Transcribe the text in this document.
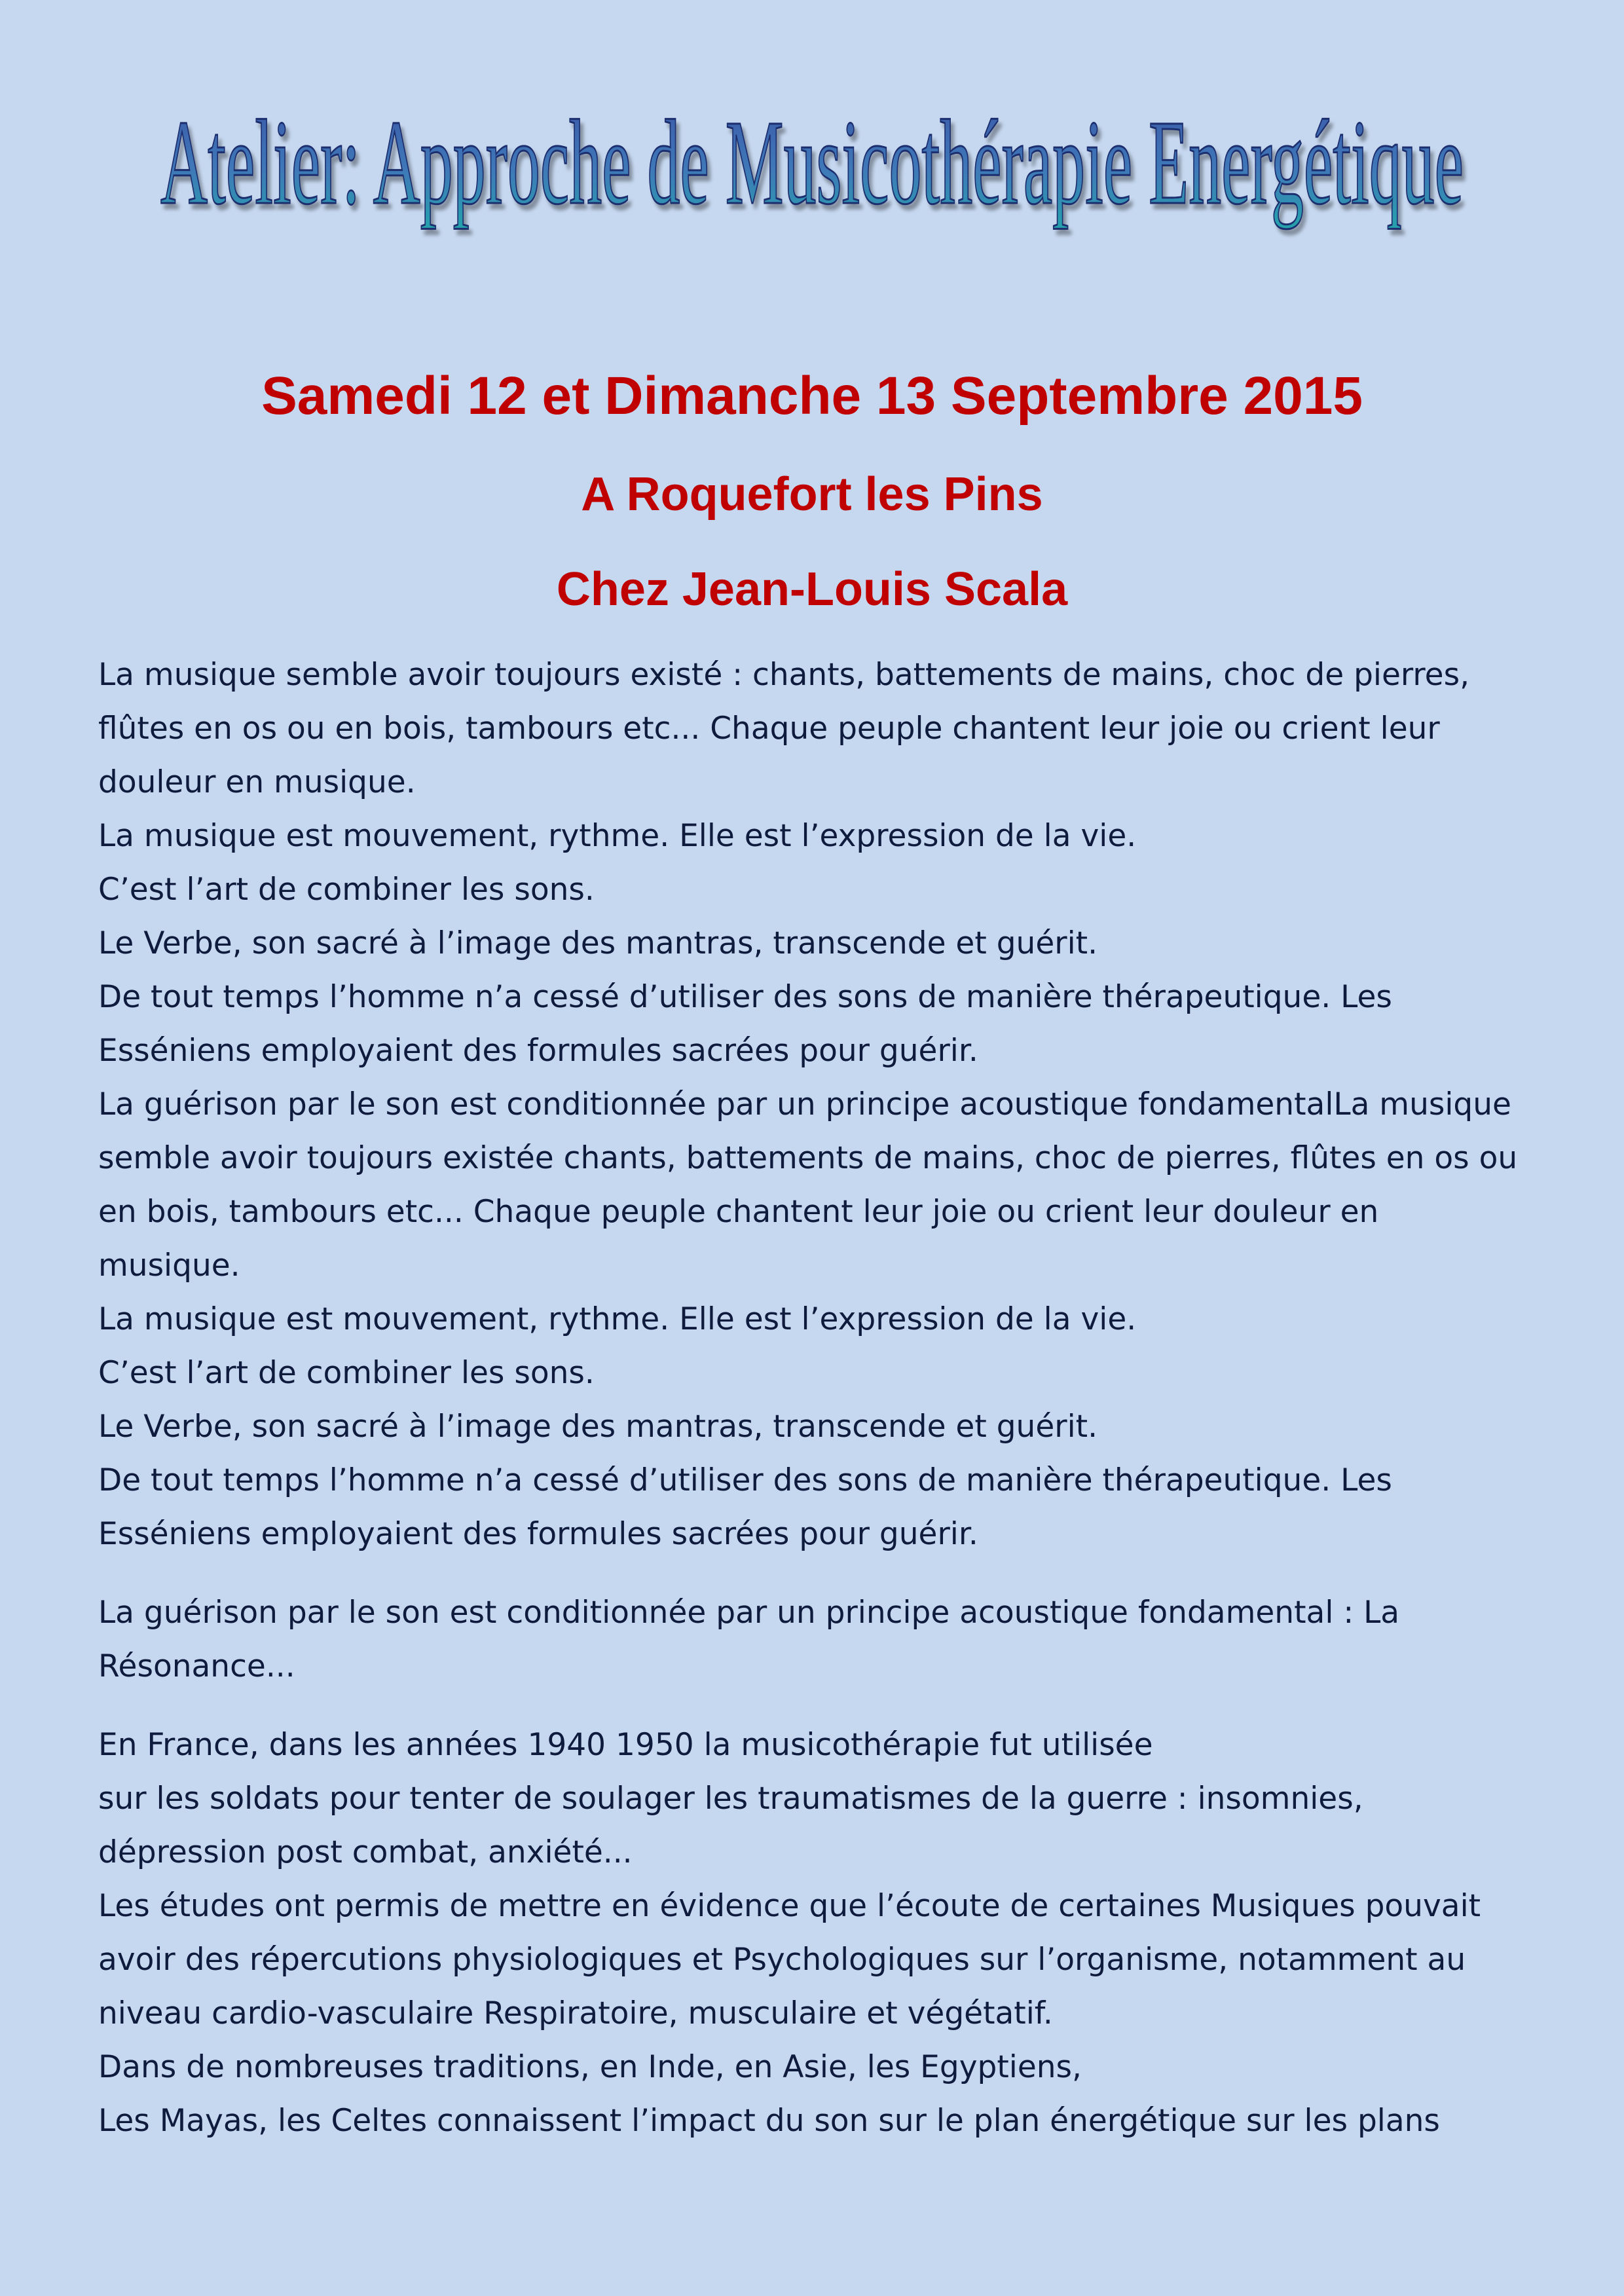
Atelier: Approche de Musicothérapie Energétique
Samedi 12 et Dimanche 13 Septembre 2015
A Roquefort les Pins
Chez Jean-Louis Scala

La musique semble avoir toujours existé : chants, battements de mains, choc de pierres,
flûtes en os ou en bois, tambours etc... Chaque peuple chantent leur joie ou crient leur
douleur en musique.
La musique est mouvement, rythme. Elle est l’expression de la vie.
C’est l’art de combiner les sons.
Le Verbe, son sacré à l’image des mantras, transcende et guérit.
De tout temps l’homme n’a cessé d’utiliser des sons de manière thérapeutique. Les
Esséniens employaient des formules sacrées pour guérir.
La guérison par le son est conditionnée par un principe acoustique fondamentalLa musique
semble avoir toujours existée chants, battements de mains, choc de pierres, flûtes en os ou
en bois, tambours etc... Chaque peuple chantent leur joie ou crient leur douleur en
musique.
La musique est mouvement, rythme. Elle est l’expression de la vie.
C’est l’art de combiner les sons.
Le Verbe, son sacré à l’image des mantras, transcende et guérit.
De tout temps l’homme n’a cessé d’utiliser des sons de manière thérapeutique. Les
Esséniens employaient des formules sacrées pour guérir.

La guérison par le son est conditionnée par un principe acoustique fondamental : La
Résonance...

En France, dans les années 1940 1950 la musicothérapie fut utilisée
sur les soldats pour tenter de soulager les traumatismes de la guerre : insomnies,
dépression post combat, anxiété...
Les études ont permis de mettre en évidence que l’écoute de certaines Musiques pouvait
avoir des répercutions physiologiques et Psychologiques sur l’organisme, notamment au
niveau cardio-vasculaire Respiratoire, musculaire et végétatif.
Dans de nombreuses traditions, en Inde, en Asie, les Egyptiens,
Les Mayas, les Celtes connaissent l’impact du son sur le plan énergétique sur les plans
